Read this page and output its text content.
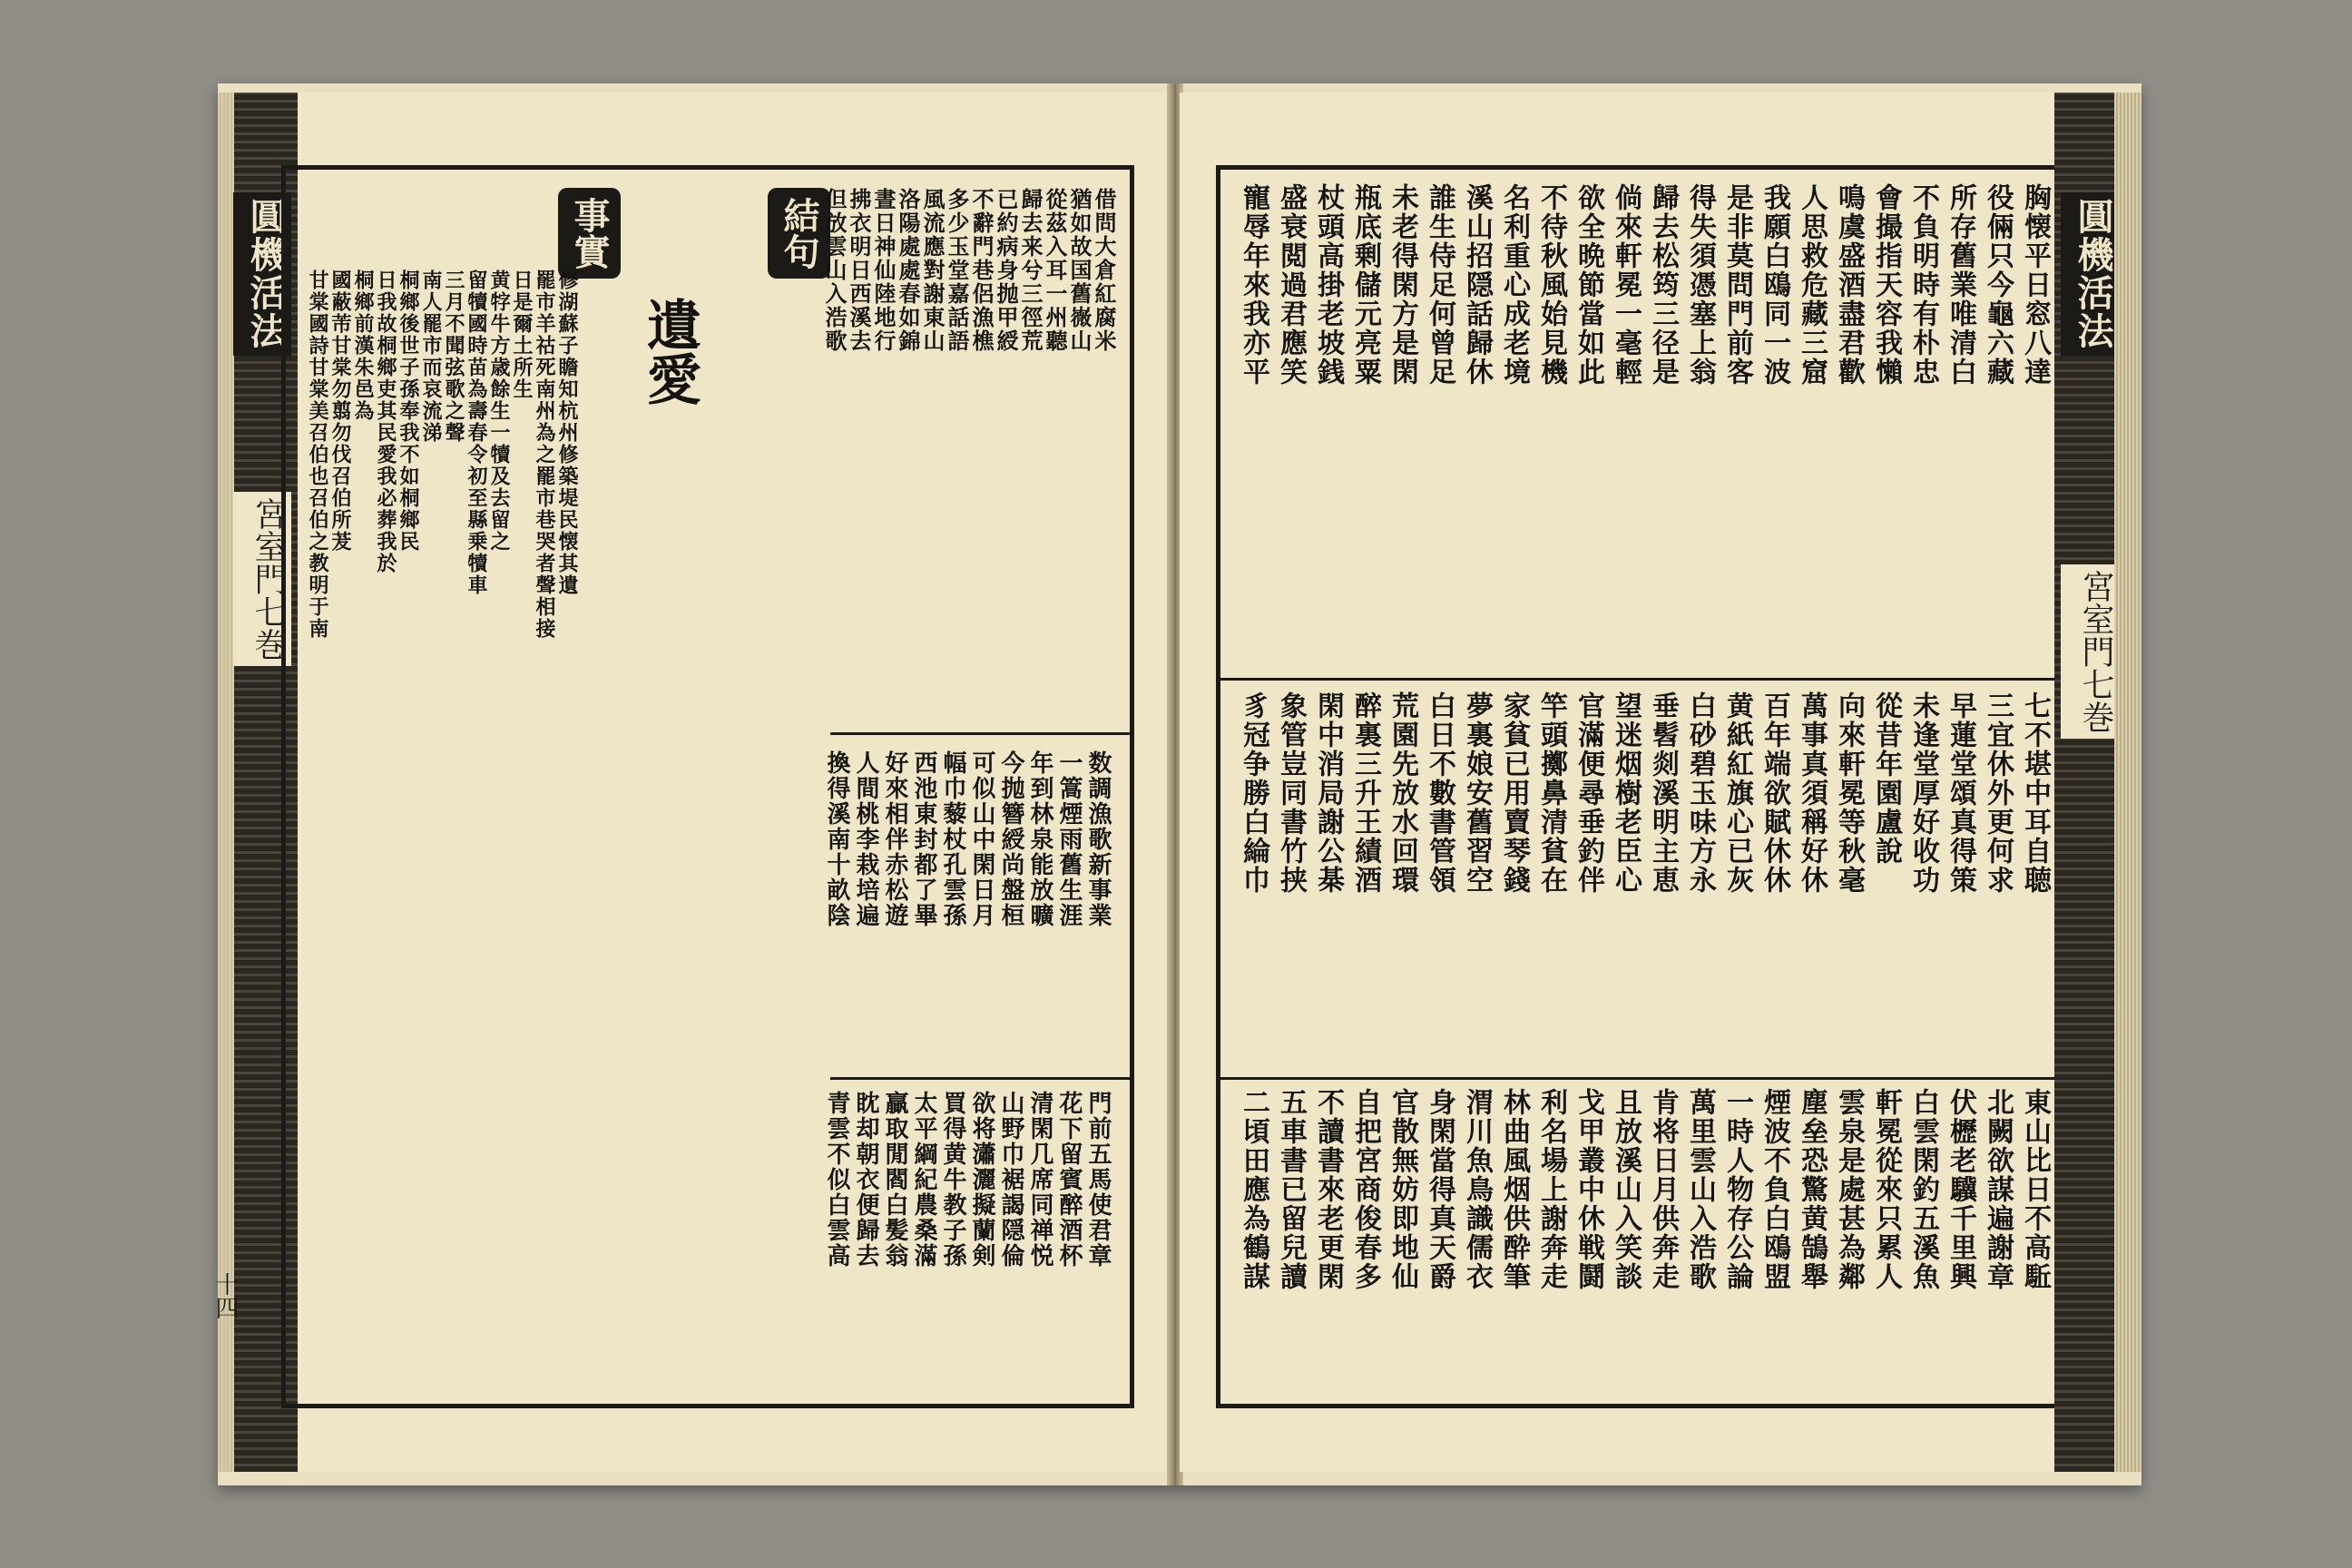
圓機活法
宮室門七巻
十四
結句	借問大倉紅腐米
猶如故国舊嶶山
從茲入耳一州聽
歸去来兮三徑荒
已約病身抛甲綬
不辭門巷侶漁樵
多少玉堂嘉話語
風流應對謝東山
洛陽處處春如錦
晝日神仙陸地行
拂衣明日西溪去
但放雲山入浩歌
数調漁歌新事業
一篙煙雨舊生涯
年到林泉能放曠
今抛簪綬尚盤桓
可似山中閑日月
幅巾藜杖孔雲孫
西池東封都了畢
好來相伴赤松遊
人間桃李栽培遍
換得溪南十畝陰
門前五馬使君章
花下留賓醉酒杯
清閑几席同禅悦
山野巾裾謁隠倫
欲将瀟灑擬蘭剣
買得黄牛教子孫
太平綱紀農桑滿
贏取閒閻白髪翁
眈却朝衣便歸去
青雲不似白雲高
遺愛
事實
甘棠國詩甘棠美召伯也召伯之教明于南 國蔽芾甘棠勿翦勿伐召伯所茇 桐鄉前漢朱邑為 日我故桐鄉吏其民愛我必葬我於 桐鄉後世子孫奉我不如桐鄉民 南人罷市而哀流涕 三月不聞弦歌之聲 留犢國時苗為壽春令初至縣乗犢車 黄牸牛方歳餘生一犢及去留之 日是爾土所生 罷市羊祜死南州為之罷市巷哭者聲相接 修湖蘇子瞻知杭州修築堤民懐其遺	胸懐平日窓八達
役倆只今龜六藏
所存舊業唯清白
不負明時有朴忠
會撮指天容我懶
鳴虞盛酒盡君歡
人思救危藏三窟
我願白鴎同一波
是非莫問門前客
得失須憑塞上翁
歸去松筠三径是
倘來軒冕一毫輕
欲全晩節當如此
不待秋風始見機
名利重心成老境
溪山招隠話歸休
誰生侍足何曾足
未老得閑方是閑
瓶底剰儲元亮粟
杖頭高掛老坡銭
盛衰閲過君應笑
寵辱年來我亦平
七不堪中耳自聴
三宜休外更何求
早蓮堂頌真得策
未逢堂厚好收功
從昔年園盧說
向來軒冕等秋毫
萬事真須稱好休
百年端欲賦休休
黄紙紅旗心已灰
白砂碧玉味方永
垂髫剡溪明主恵
望迷烟樹老臣心
官滿便尋垂釣伴
竿頭擲鼻清貧在
家貧已用賣琴錢
夢裏娘安舊習空
白日不數書管領
荒園先放水回環
醉裏三升王績酒
閑中消局謝公棊
象管豈同書竹挟
豸冠争勝白綸巾
東山比日不高駈
北闕欲謀遍謝章
伏櫪老驥千里興
白雲閑釣五溪魚
軒冕從來只累人
雲泉是處甚為鄰
塵垒恐驚黄鵠舉
煙波不負白鴎盟
一時人物存公論
萬里雲山入浩歌
肯将日月供奔走
且放溪山入笑談
戈甲叢中休戦鬪
利名場上謝奔走
林曲風烟供酔筆
渭川魚鳥識儒衣
身閑當得真天爵
官散無妨即地仙
自把宮商俊春多
不讀書來老更閑
五車書已留兒讀
二頃田應為鶴謀
圓機活法
宮室門七巻
